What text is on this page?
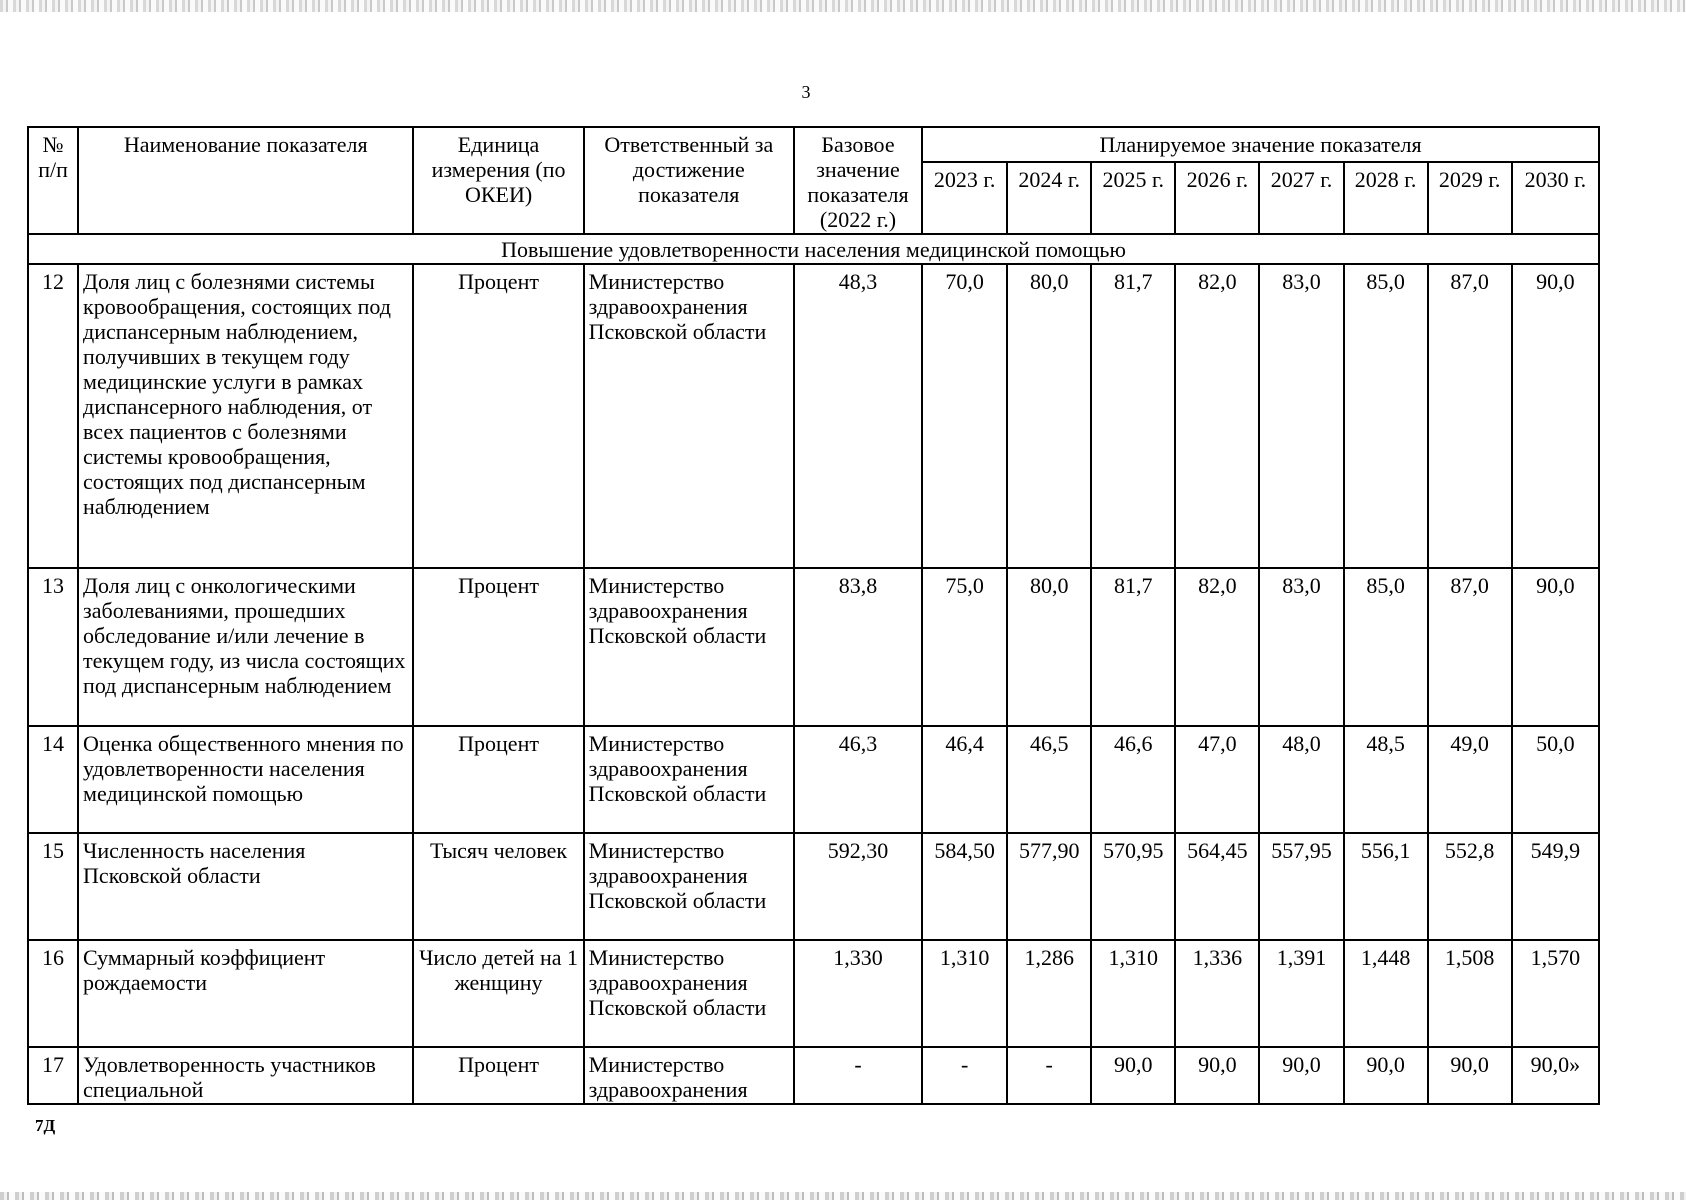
3
№ п/п	Наименование показателя	Единица измерения (по ОКЕИ)	Ответственный за достижение показателя	Базовое значение показателя (2022 г.)	Планируемое значение показателя							
					2023 г.	2024 г.	2025 г.	2026 г.	2027 г.	2028 г.	2029 г.	2030 г.
Повышение удовлетворенности населения медицинской помощью												
12	Доля лиц с болезнями системы кровообращения, состоящих под диспансерным наблюдением, получивших в текущем году медицинские услуги в рамках диспансерного наблюдения, от всех пациентов с болезнями системы кровообращения, состоящих под диспансерным наблюдением	Процент	Министерство здравоохранения Псковской области	48,3	70,0	80,0	81,7	82,0	83,0	85,0	87,0	90,0
13	Доля лиц с онкологическими заболеваниями, прошедших обследование и/или лечение в текущем году, из числа состоящих под диспансерным наблюдением	Процент	Министерство здравоохранения Псковской области	83,8	75,0	80,0	81,7	82,0	83,0	85,0	87,0	90,0
14	Оценка общественного мнения по удовлетворенности населения медицинской помощью	Процент	Министерство здравоохранения Псковской области	46,3	46,4	46,5	46,6	47,0	48,0	48,5	49,0	50,0
15	Численность населения Псковской области	Тысяч человек	Министерство здравоохранения Псковской области	592,30	584,50	577,90	570,95	564,45	557,95	556,1	552,8	549,9
16	Суммарный коэффициент рождаемости	Число детей на 1 женщину	Министерство здравоохранения Псковской области	1,330	1,310	1,286	1,310	1,336	1,391	1,448	1,508	1,570
17	Удовлетворенность участников специальной	Процент	Министерство здравоохранения	-	-	-	90,0	90,0	90,0	90,0	90,0	90,0»
7Д
